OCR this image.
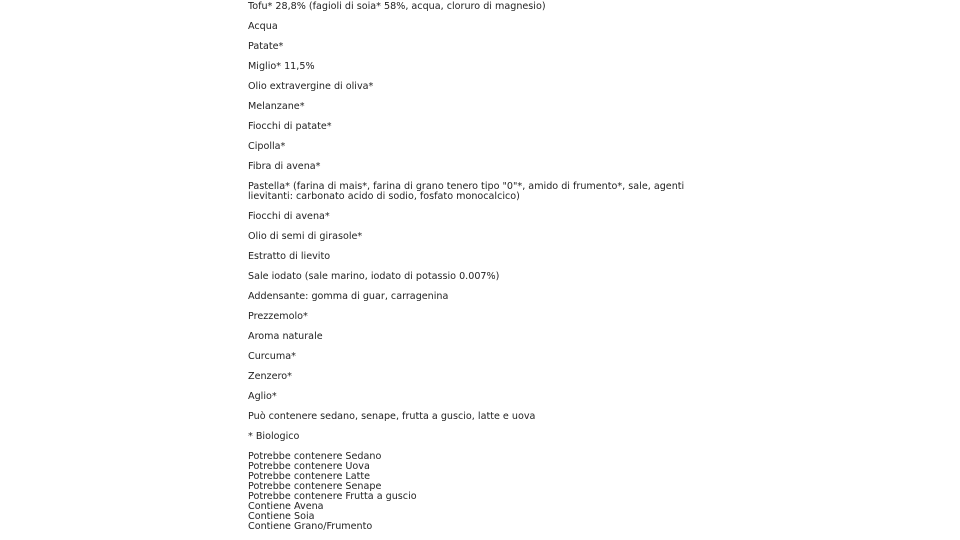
Tofu* 28,8% (fagioli di soia* 58%, acqua, cloruro di magnesio)

Acqua

Patate*

Miglio* 11,5%

Olio extravergine di oliva*

Melanzane*

Fiocchi di patate*

Cipolla*

Fibra di avena*

Pastella* (farina di mais*, farina di grano tenero tipo "0"*, amido di frumento*, sale, agenti lievitanti: carbonato acido di sodio, fosfato monocalcico)

Fiocchi di avena*

Olio di semi di girasole*

Estratto di lievito

Sale iodato (sale marino, iodato di potassio 0.007%)

Addensante: gomma di guar, carragenina

Prezzemolo*

Aroma naturale

Curcuma*

Zenzero*

Aglio*

Può contenere sedano, senape, frutta a guscio, latte e uova

* Biologico

Potrebbe contenere Sedano
Potrebbe contenere Uova
Potrebbe contenere Latte
Potrebbe contenere Senape
Potrebbe contenere Frutta a guscio
Contiene Avena
Contiene Soia
Contiene Grano/Frumento
